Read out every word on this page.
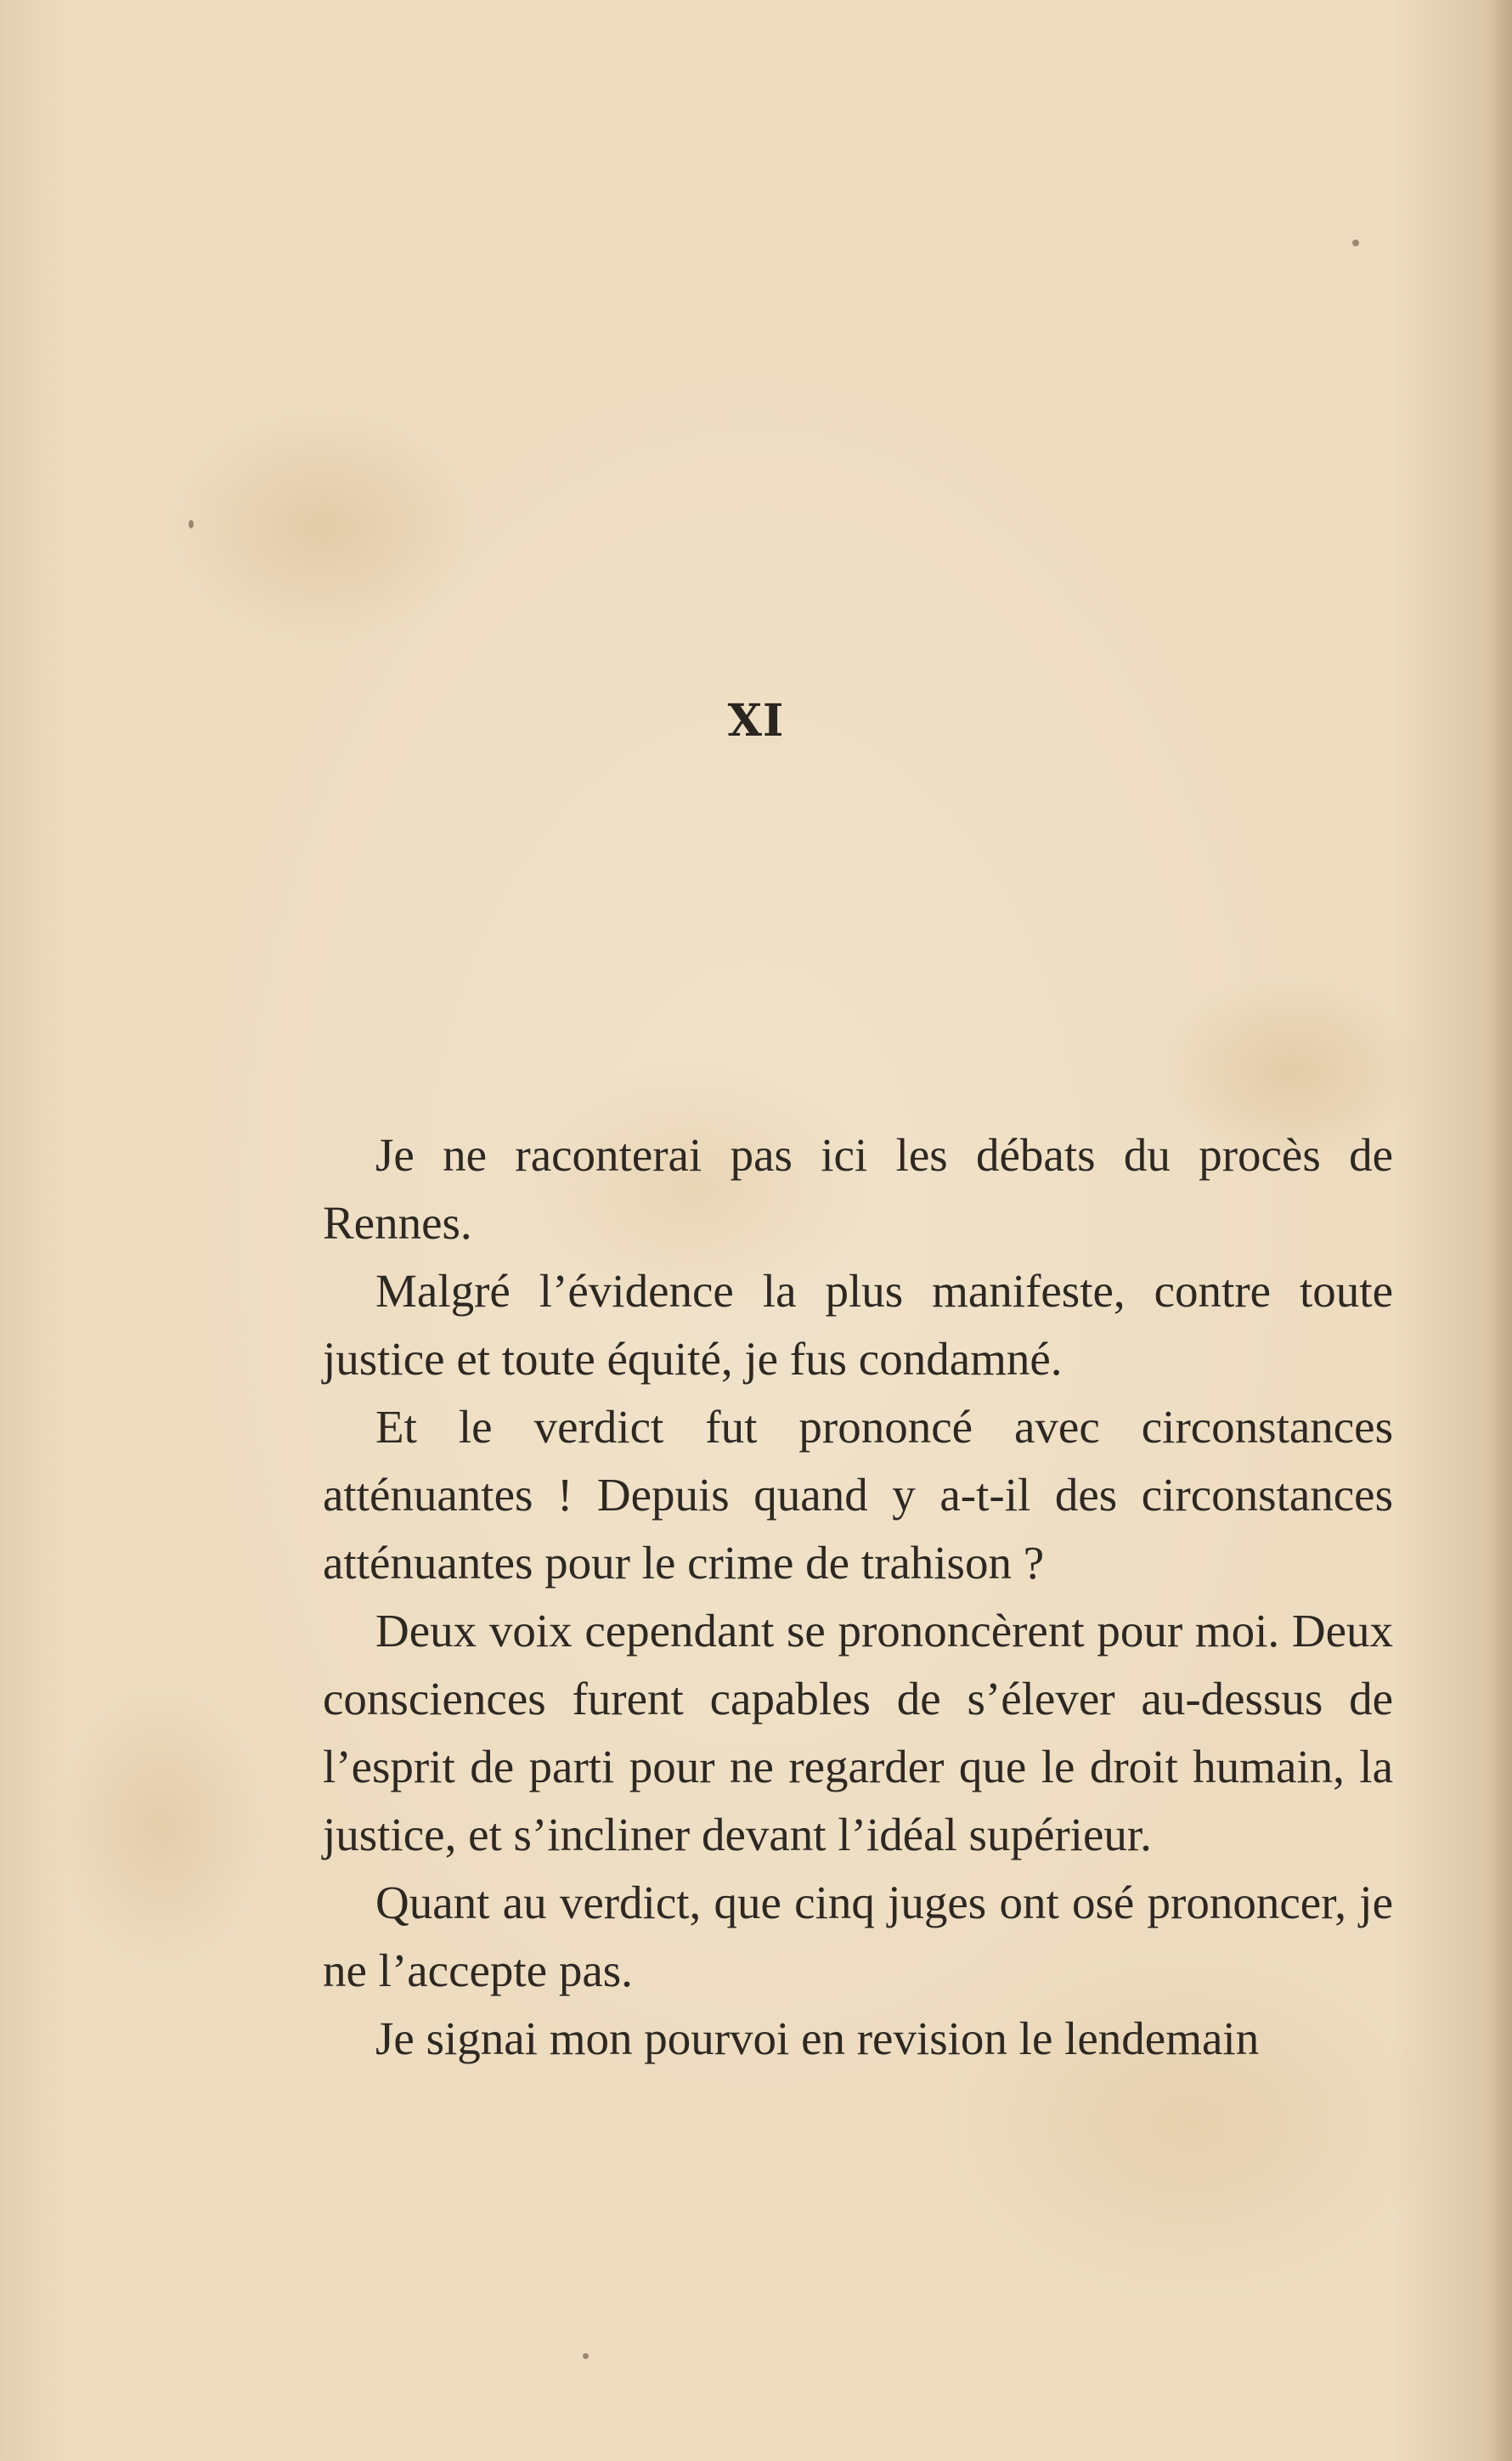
XI

Je ne raconterai pas ici les débats du procès de Rennes.

Malgré l’évidence la plus manifeste, contre toute justice et toute équité, je fus condamné.

Et le verdict fut prononcé avec circonstances atténuantes ! Depuis quand y a-t-il des circonstances atténuantes pour le crime de trahison ?

Deux voix cependant se prononcèrent pour moi. Deux consciences furent capables de s’élever au-dessus de l’esprit de parti pour ne regarder que le droit humain, la justice, et s’incliner devant l’idéal supérieur.

Quant au verdict, que cinq juges ont osé prononcer, je ne l’accepte pas.

Je signai mon pourvoi en revision le lendemain
